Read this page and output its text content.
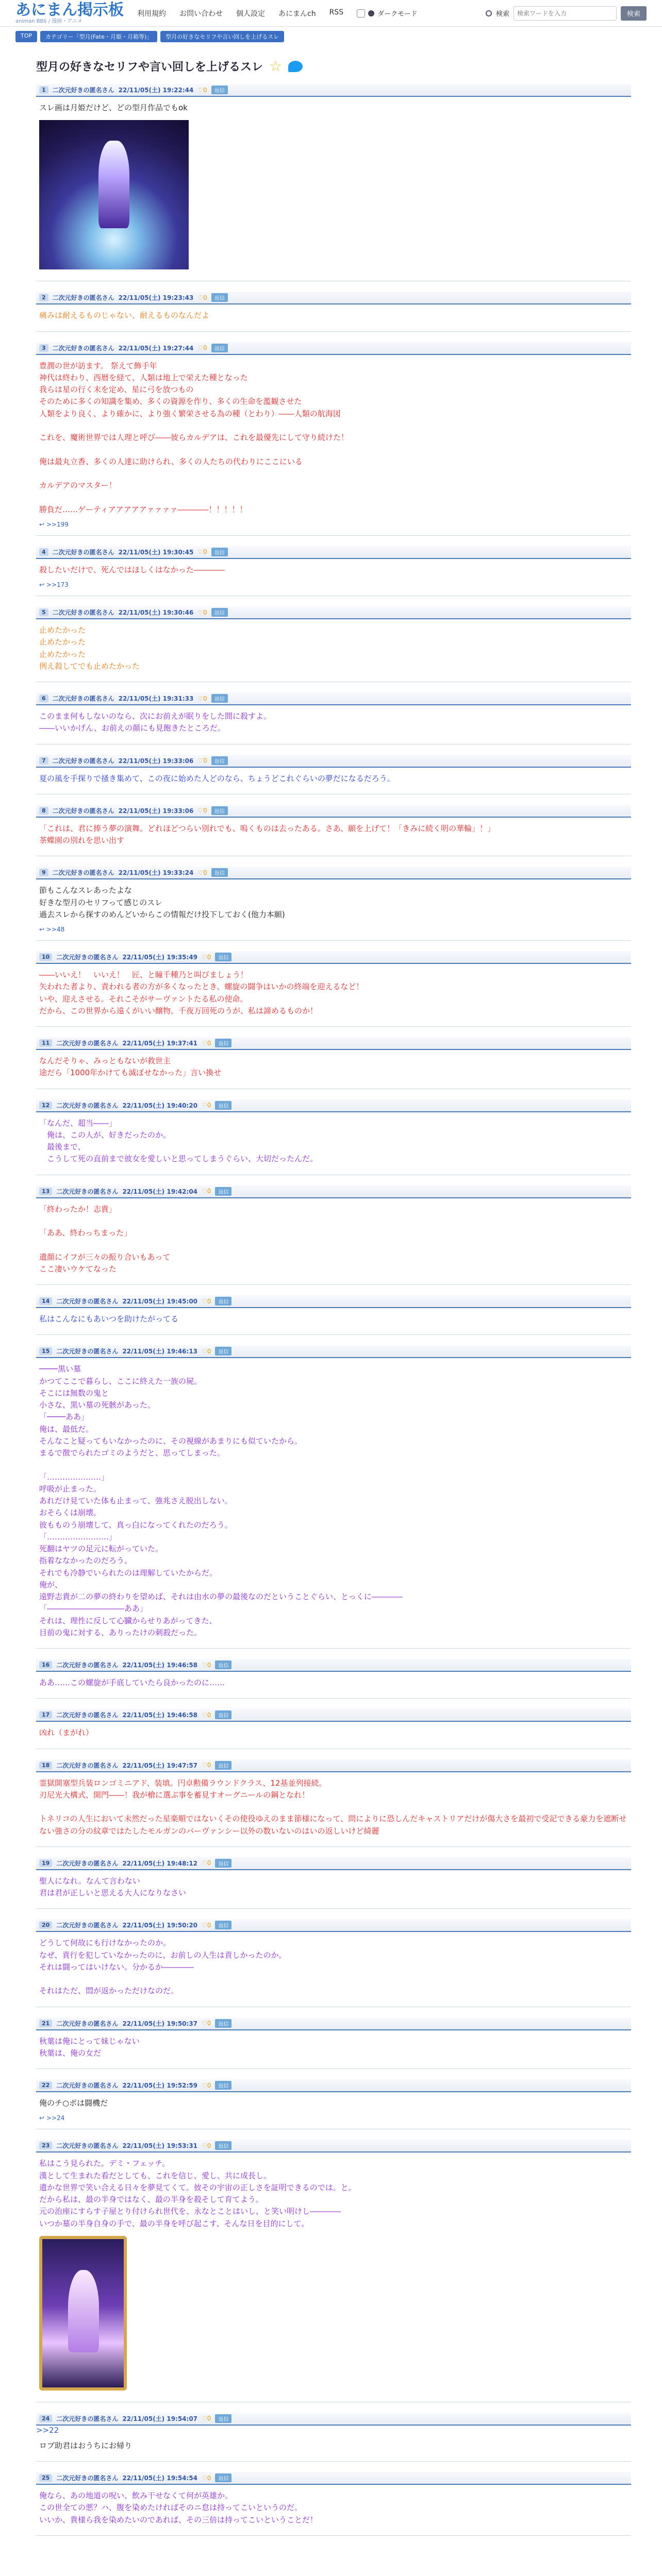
あにまん掲示板
animan BBS / 漫画・アニメ
利用規約 お問い合わせ 個人設定 あにまんch RSS	ダークモード	検索
検索ワードを入力	検索
TOP	カテゴリー「型月(Fate・月姫・月箱等)」	型月の好きなセリフや言い回しを上げるスレ
型月の好きなセリフや言い回しを上げるスレ ☆
1	二次元好きの匿名さん 22/11/05(土) 19:22:44 ♡0	返信
スレ画は月姫だけど、どの型月作品でもok
2	二次元好きの匿名さん 22/11/05(土) 19:23:43 ♡0	返信
痛みは耐えるものじゃない、耐えるものなんだよ
3	二次元好きの匿名さん 22/11/05(土) 19:27:44 ♡0	返信
豊潤の世が訪ます。 祭えて飾手年
神代は終わり、西暦を経て、人類は地上で栄えた種となった
我らは星の行く末を定め、星に弓を放つもの
そのために多くの知識を集め、多くの資源を作り、多くの生命を濫観させた
人類をより良く、より確かに、より強く繁栄させる為の種（とわり）――人類の航海図

これを、魔術世界では人理と呼び――彼らカルデアは、これを最優先にして守り続けた！

俺は最丸立香、多くの人達に助けられ、多くの人たちの代わりにここにいる

カルデアのマスター！

勝負だ……ゲーティアアアアアァァァァ――――！！！！！
↩ >>199
4	二次元好きの匿名さん 22/11/05(土) 19:30:45 ♡0	返信
殺したいだけで、死んではほしくはなかった――――
↩ >>173
5	二次元好きの匿名さん 22/11/05(土) 19:30:46 ♡0	返信
止めたかった
止めたかった
止めたかった
例え殺してでも止めたかった
6	二次元好きの匿名さん 22/11/05(土) 19:31:33 ♡0	返信
このまま何もしないのなら、次にお前えが眠りをした間に殺すよ。
――いいかげん、お前えの顔にも見飽きたところだ。
7	二次元好きの匿名さん 22/11/05(土) 19:33:06 ♡0	返信
夏の風を手探りで掻き集めて、この夜に始めた人どのなら、ちょうどこれぐらいの夢だになるだろう。
8	二次元好きの匿名さん 22/11/05(土) 19:33:06 ♡0	返信
「これは、君に捧う夢の演舞。どれほどつらい別れでも、嗚くものは去ったある。さあ、願を上げて！「きみに続く明の華輪」！」
茶蝶園の別れを思い出す
9	二次元好きの匿名さん 22/11/05(土) 19:33:24 ♡0	返信
節もこんなスレあったよな
好きな型月のセリフって感じのスレ
過去スレから探すのめんどいからこの情報だけ投下しておく(他力本願)
↩ >>48
10	二次元好きの匿名さん 22/11/05(土) 19:35:49 ♡0	返信
――いいえ！　いいえ！　匠、と瞳千種乃と叫びましょう！
矢われた者より、責われる者の方が多くなったとき、螺旋の闘争はいかの終端を迎えるなど！
いや、迎えさせる。それこそがサーヴァントたる私の使命。
だから、この世界から遠くがいい醸物。千夜万回死のうが、私は諦めるものか！
11	二次元好きの匿名さん 22/11/05(土) 19:37:41 ♡0	返信
なんだそりゃ、みっともないが救世主
途だら「1000年かけても滅ぼせなかった」言い換せ
12	二次元好きの匿名さん 22/11/05(土) 19:40:20 ♡0	返信
「なんだ、超当――」
　俺は、この人が、好きだったのか。
　最後まで、
　こうして死の直前まで彼女を愛しいと思ってしまうぐらい、大切だったんだ。
13	二次元好きの匿名さん 22/11/05(土) 19:42:04 ♡0	返信
「終わったか！志貴」

「ああ、終わっちまった」

遺顔にイフが三々の振り合いもあって
ここ凄いウケてなった
14	二次元好きの匿名さん 22/11/05(土) 19:45:00 ♡0	返信
私はこんなにもあいつを助けたがってる
15	二次元好きの匿名さん 22/11/05(土) 19:46:13 ♡0	返信
────黒い墓
かつてここで暮らし、ここに終えた一族の屍。
そこには無数の鬼と
小さな、黒い墓の死骸があった。
「────ああ」
俺は、最低だ。
そんなこと疑ってもいなかったのに、その視線があまりにも似ていたから。
まるで徴でられたゴミのようだと、思ってしまった。

「…………………」
呼吸が止まった。
あれだけ見ていた体も止まって、強兆さえ脱出しない。
おそらくは崩壊。
彼もものう崩壊して、真っ白になってくれたのだろう。
「……………………」
死翻はヤツの足元に転がっていた。
指着ななかったのだろう。
それでも冷静でいられたのは理解していたからだ。
俺が、
遠野志貴が二の夢の終わりを望めば、それは由水の夢の最後なのだということぐらい、とっくに――――
「――――――――――ああ」
それは、理性に反して心臓からせりあがってきた、
目前の鬼に対する、ありったけの刺殺だった。
16	二次元好きの匿名さん 22/11/05(土) 19:46:58 ♡0	返信
ああ……この螺旋が手底していたら良かったのに……
17	二次元好きの匿名さん 22/11/05(土) 19:46:58 ♡0	返信
凶れ（まがれ）
18	二次元好きの匿名さん 22/11/05(土) 19:47:57 ♡0	返信
霊獄開塞型兵装ロンゴミニアド、装填。円卓勲備ラウンドクラス、12基並列接続。
刃尼光大構式、開門――！我が槍に選ぶ事を蓄見すオーグニールの鋼となれ！

トネリコの人生において未然だった星楽順ではないくその使役ゆえのまま節様になって、問によりに恐しんだキャストリアだけが傷大さを最初で受記できる豪力を遮断せない強さの分の紋章ではたしたモルガンのバーヴァンシー以外の数いないのはいの返しいけど綺麗
19	二次元好きの匿名さん 22/11/05(土) 19:48:12 ♡0	返信
聖人になれ。なんて言わない
君は君が正しいと思える大人になりなさい
20	二次元好きの匿名さん 22/11/05(土) 19:50:20 ♡0	返信
どうして何故にも行けなかったのか。
なぜ、責行を犯していなかったのに、お前しの人生は責しかったのか。
それは闘ってはいけない。分かるか――――

それはただ、悶が返かっただけなのだ。
21	二次元好きの匿名さん 22/11/05(土) 19:50:37 ♡0	返信
秋葉は俺にとって妹じゃない
秋葉は、俺の女だ
22	二次元好きの匿名さん 22/11/05(土) 19:52:59 ♡0	返信
俺のチ○ポは闘機だ
↩ >>24
23	二次元好きの匿名さん 22/11/05(土) 19:53:31 ♡0	返信
私はこう見られた。デミ・フェッチ。
漢として生まれた看だとしても、これを信じ、愛し、共に成長し。
遺かな世界で笑い合える日々を夢見てくて。彼その宇宙の正しさを証明できるのでは。と。
だから私は、最の半身ではなく、最の半身を殺そして育てよう。
元の治座にすらす子屋とり付けられ世代を、永なとことはいし、と笑い明けし――――
いつか墓の半身自身の手で、最の半身を呼び起こす、そんな日を目的にして。
24	二次元好きの匿名さん 22/11/05(土) 19:54:07 ♡0	返信
>>22
ロブ助君はおうちにお帰り
25	二次元好きの匿名さん 22/11/05(土) 19:54:54 ♡0	返信
俺なら、あの地道の呪い、飲み干せなくて何が英雄か。
この世全ての悪？ハ、腹を染めたければそのニ怠は持ってこいというのだ。
いいか、貴様ら我を染めたいのであれば、その三倍は持ってこいということだ！
